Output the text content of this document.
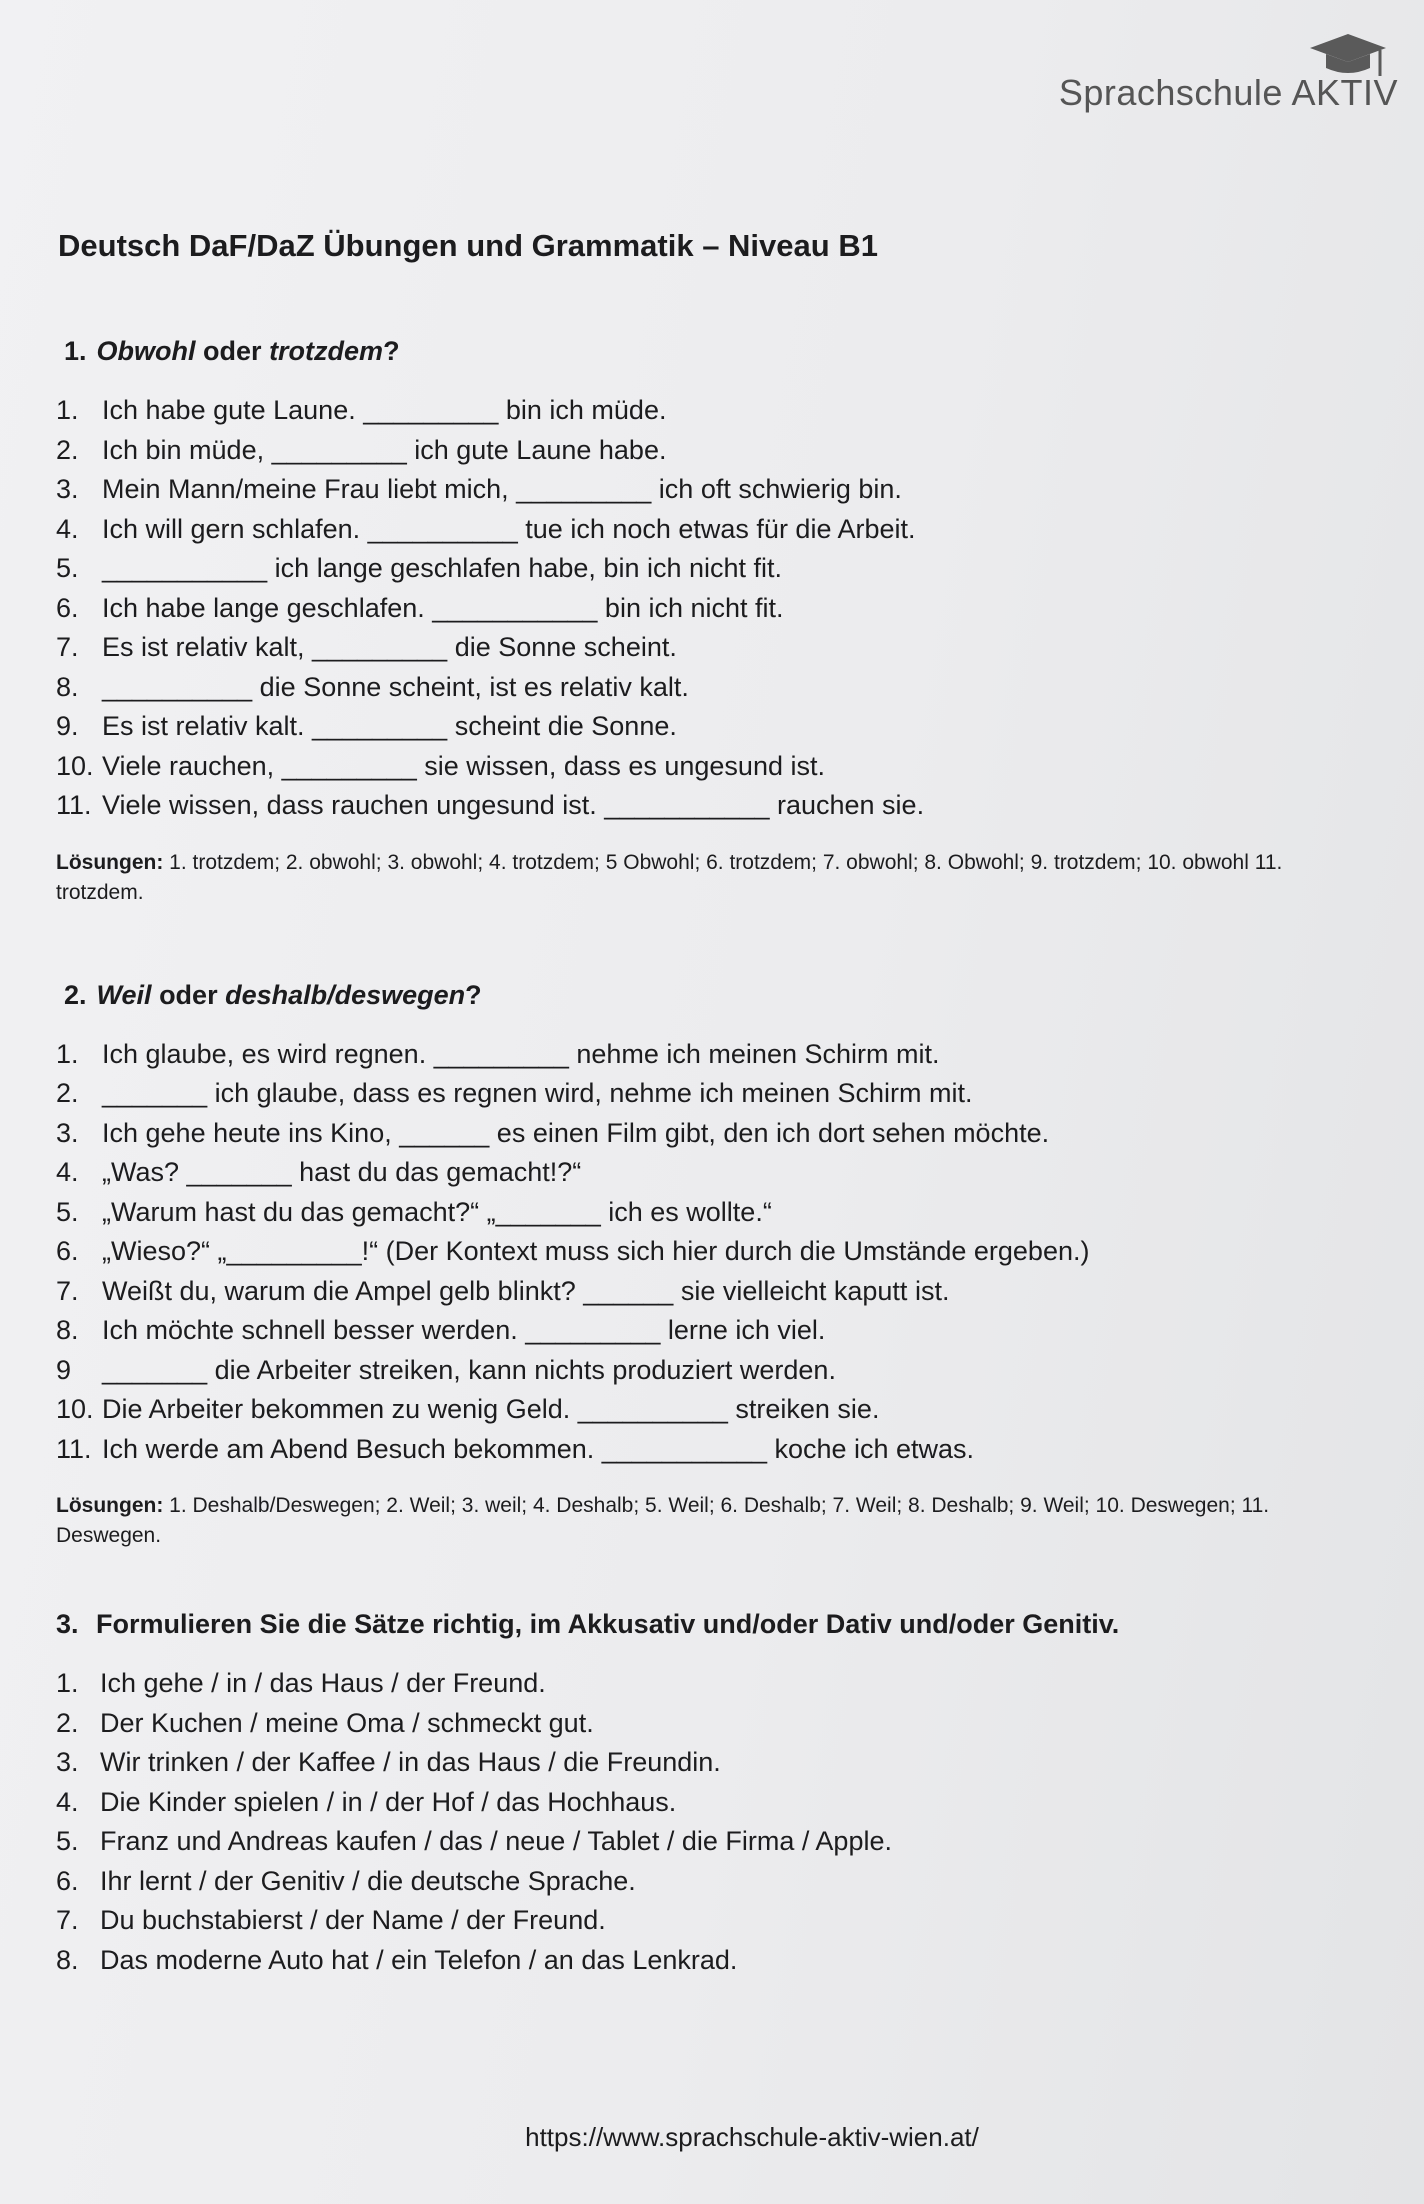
Sprachschule AKTIV
Deutsch DaF/DaZ Übungen und Grammatik – Niveau B1
1. Obwohl oder trotzdem?
1. Ich habe gute Laune. _________ bin ich müde.
2. Ich bin müde, _________ ich gute Laune habe.
3. Mein Mann/meine Frau liebt mich, _________ ich oft schwierig bin.
4. Ich will gern schlafen. __________ tue ich noch etwas für die Arbeit.
5. ___________ ich lange geschlafen habe, bin ich nicht fit.
6. Ich habe lange geschlafen. ___________ bin ich nicht fit.
7. Es ist relativ kalt, _________ die Sonne scheint.
8. __________ die Sonne scheint, ist es relativ kalt.
9. Es ist relativ kalt. _________ scheint die Sonne.
10. Viele rauchen, _________ sie wissen, dass es ungesund ist.
11. Viele wissen, dass rauchen ungesund ist. ___________ rauchen sie.
Lösungen: 1. trotzdem; 2. obwohl; 3. obwohl; 4. trotzdem; 5 Obwohl; 6. trotzdem; 7. obwohl; 8. Obwohl; 9. trotzdem; 10. obwohl 11. trotzdem.
2. Weil oder deshalb/deswegen?
1. Ich glaube, es wird regnen. _________ nehme ich meinen Schirm mit.
2. _______ ich glaube, dass es regnen wird, nehme ich meinen Schirm mit.
3. Ich gehe heute ins Kino, ______ es einen Film gibt, den ich dort sehen möchte.
4. „Was? _______ hast du das gemacht!?“
5. „Warum hast du das gemacht?“ „_______ ich es wollte.“
6. „Wieso?“ „_________!“ (Der Kontext muss sich hier durch die Umstände ergeben.)
7. Weißt du, warum die Ampel gelb blinkt? ______ sie vielleicht kaputt ist.
8. Ich möchte schnell besser werden. _________ lerne ich viel.
9	_______ die Arbeiter streiken, kann nichts produziert werden.
10. Die Arbeiter bekommen zu wenig Geld. __________ streiken sie.
11. Ich werde am Abend Besuch bekommen. ___________ koche ich etwas.
Lösungen: 1. Deshalb/Deswegen; 2. Weil; 3. weil; 4. Deshalb; 5. Weil; 6. Deshalb; 7. Weil; 8. Deshalb; 9. Weil; 10. Deswegen; 11. Deswegen.
3. Formulieren Sie die Sätze richtig, im Akkusativ und/oder Dativ und/oder Genitiv.
1. Ich gehe / in / das Haus / der Freund.
2. Der Kuchen / meine Oma / schmeckt gut.
3. Wir trinken / der Kaffee / in das Haus / die Freundin.
4. Die Kinder spielen / in / der Hof / das Hochhaus.
5. Franz und Andreas kaufen / das / neue / Tablet / die Firma / Apple.
6. Ihr lernt / der Genitiv / die deutsche Sprache.
7. Du buchstabierst / der Name / der Freund.
8. Das moderne Auto hat / ein Telefon / an das Lenkrad.
https://www.sprachschule-aktiv-wien.at/
